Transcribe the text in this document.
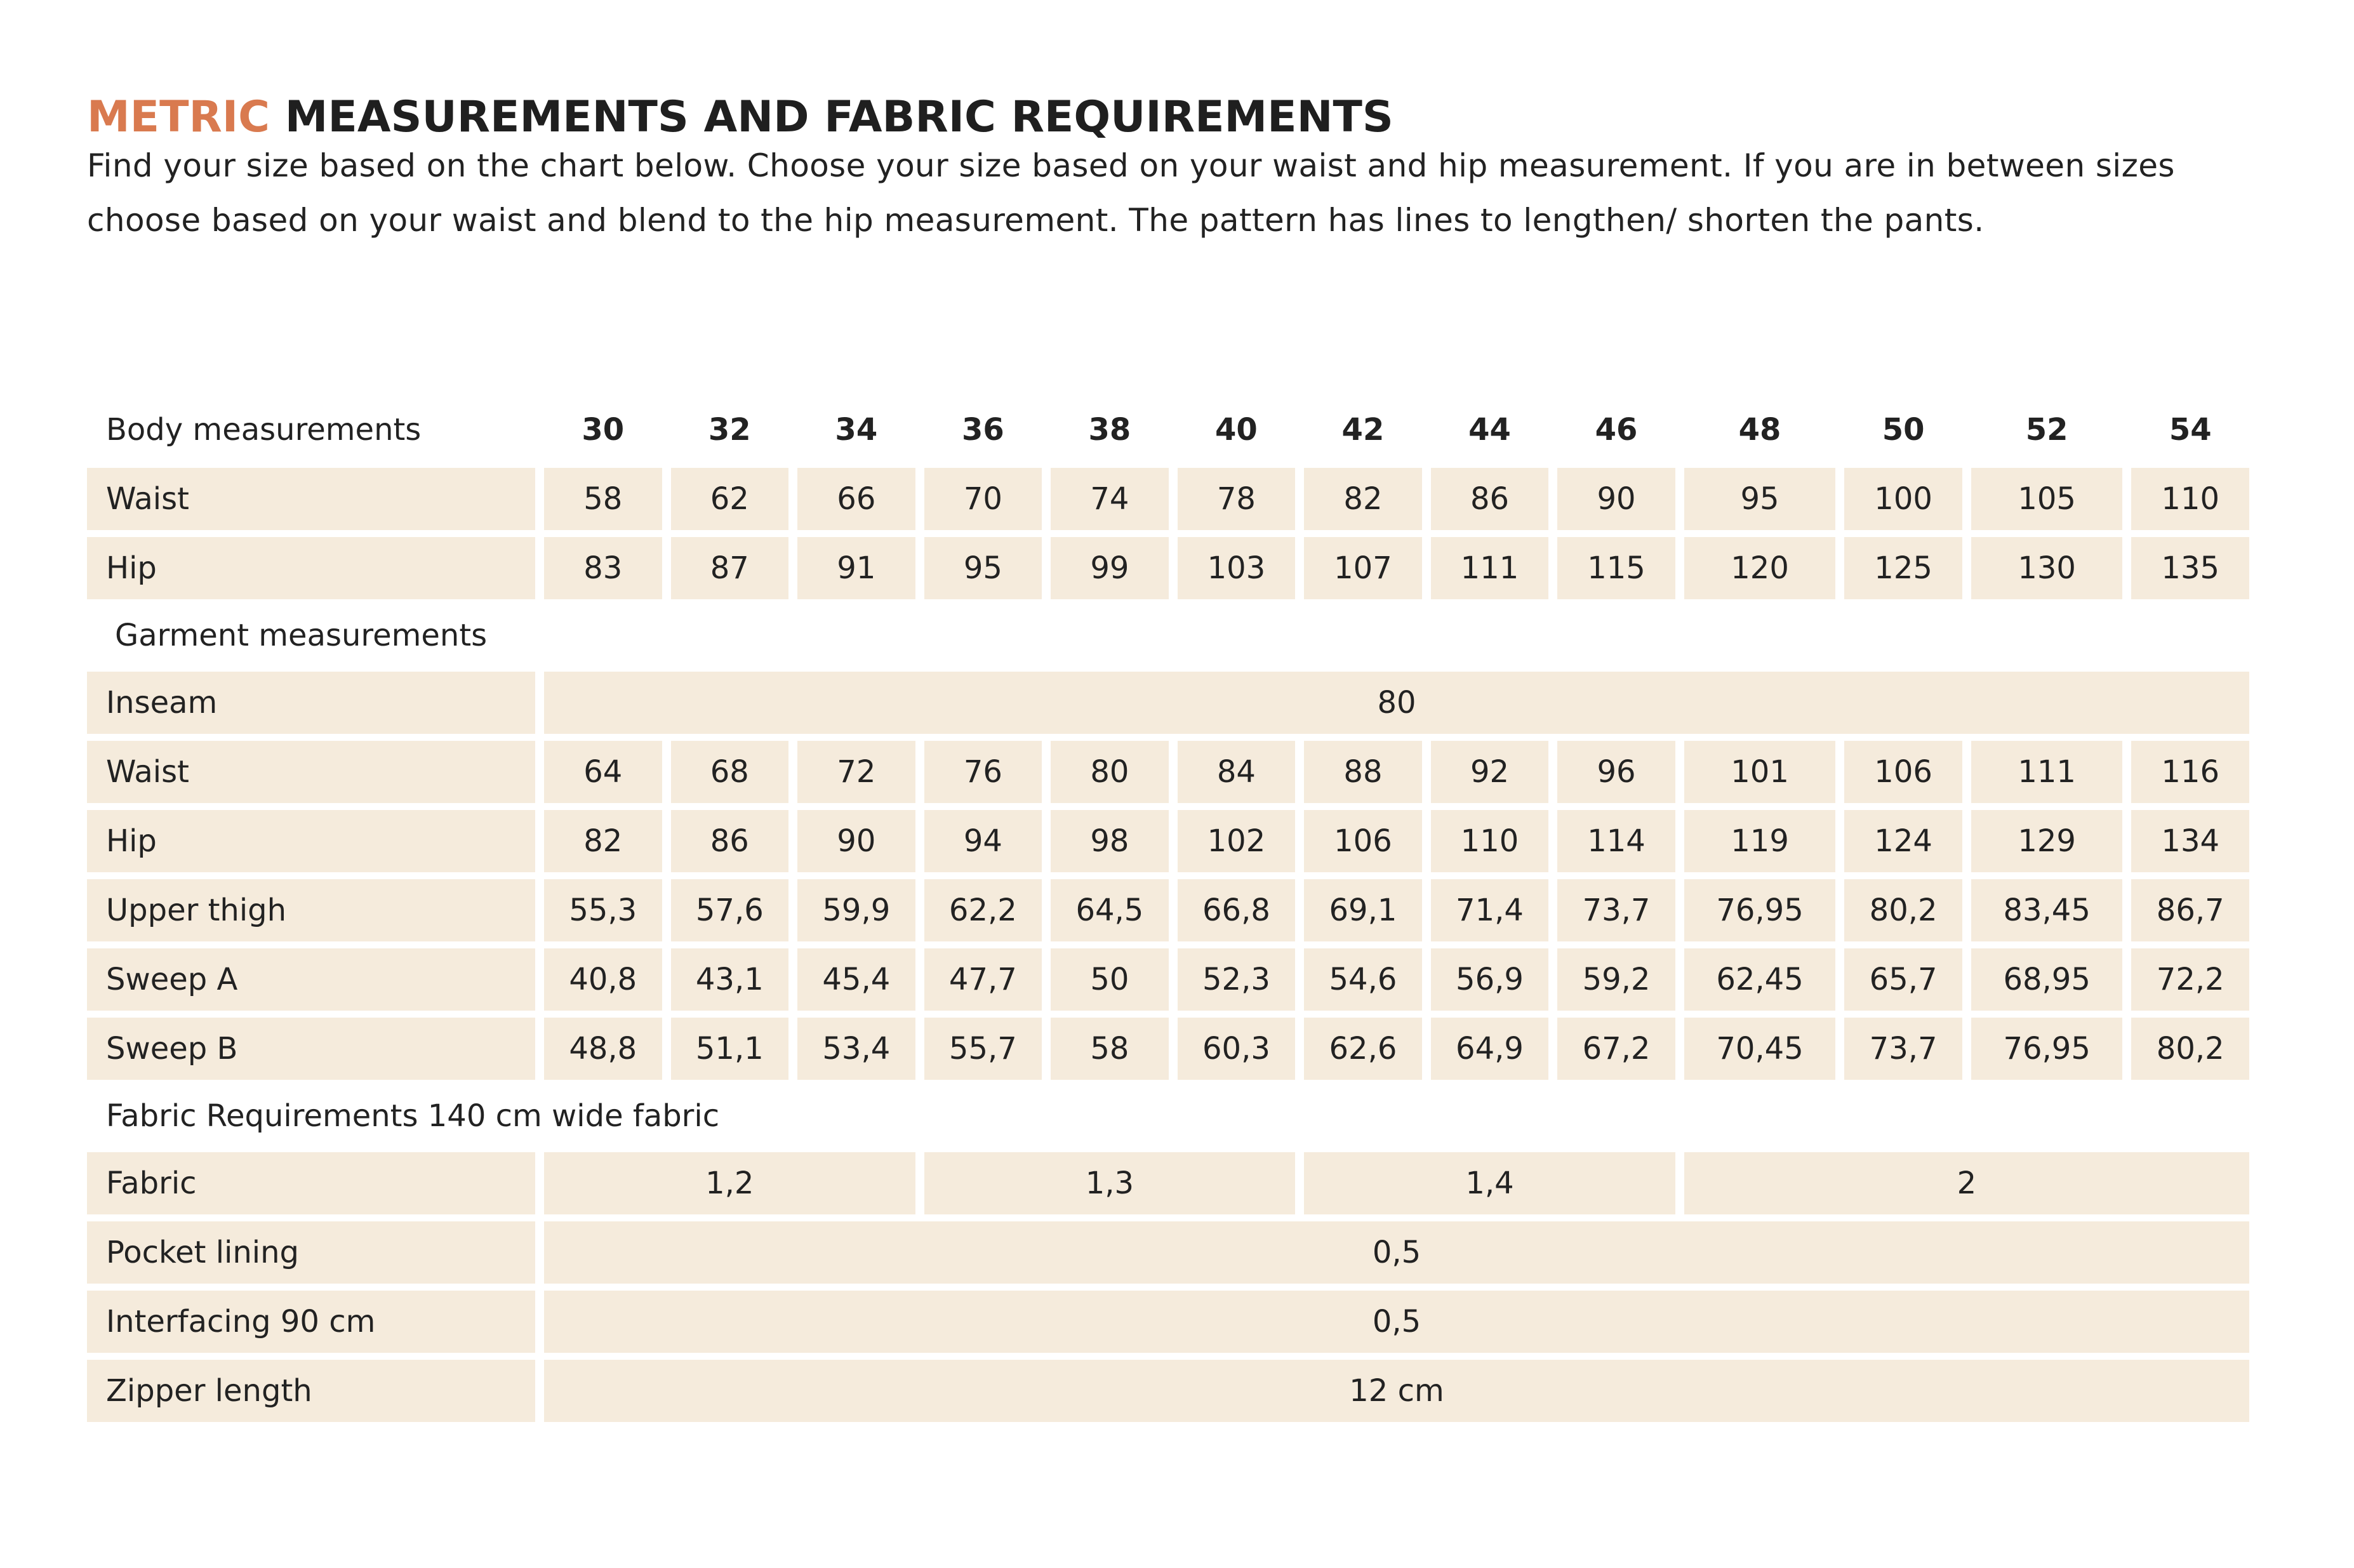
METRIC MEASUREMENTS AND FABRIC REQUIREMENTS

Find your size based on the chart below. Choose your size based on your waist and hip measurement. If you are in between sizes
choose based on your waist and blend to the hip measurement. The pattern has lines to lengthen/ shorten the pants.

Body measurements	30	32	34	36	38	40	42	44	46	48	50	52	54
Waist	58	62	66	70	74	78	82	86	90	95	100	105	110
Hip	83	87	91	95	99	103	107	111	115	120	125	130	135
Garment measurements													
Inseam	80												
Waist	64	68	72	76	80	84	88	92	96	101	106	111	116
Hip	82	86	90	94	98	102	106	110	114	119	124	129	134
Upper thigh	55,3	57,6	59,9	62,2	64,5	66,8	69,1	71,4	73,7	76,95	80,2	83,45	86,7
Sweep A	40,8	43,1	45,4	47,7	50	52,3	54,6	56,9	59,2	62,45	65,7	68,95	72,2
Sweep B	48,8	51,1	53,4	55,7	58	60,3	62,6	64,9	67,2	70,45	73,7	76,95	80,2
Fabric Requirements 140 cm wide fabric													
Fabric	1,2			1,3			1,4			2			
Pocket lining	0,5												
Interfacing 90 cm	0,5												
Zipper length	12 cm												
